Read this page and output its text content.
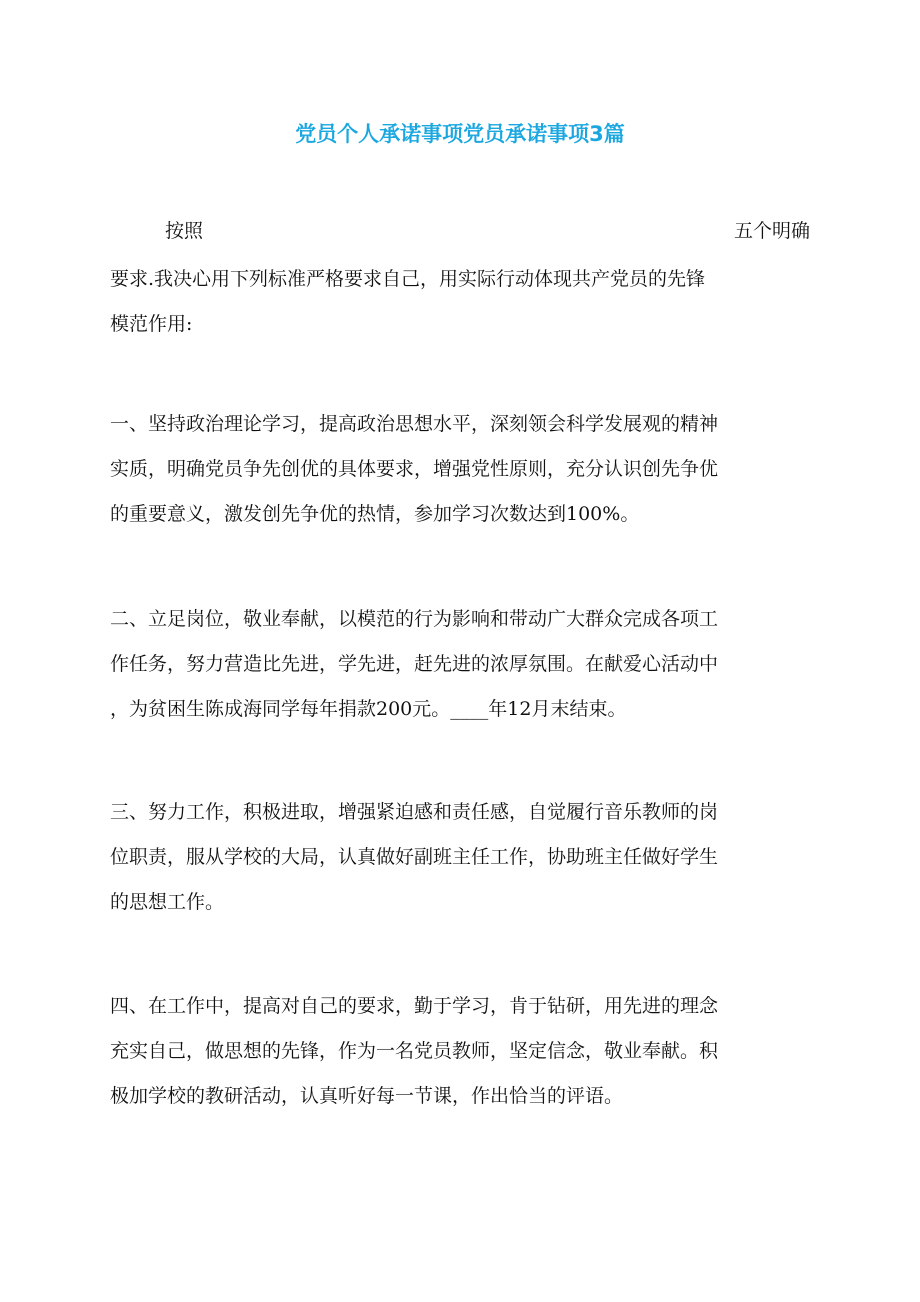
党员个人承诺事项党员承诺事项3篇
按照	五个明确
要求.我决心用下列标准严格要求自己，用实际行动体现共产党员的先锋
模范作用:
一、坚持政治理论学习，提高政治思想水平，深刻领会科学发展观的精神
实质，明确党员争先创优的具体要求，增强党性原则，充分认识创先争优
的重要意义，激发创先争优的热情，参加学习次数达到100%。
二、立足岗位，敬业奉献，以模范的行为影响和带动广大群众完成各项工
作任务，努力营造比先进，学先进，赶先进的浓厚氛围。在献爱心活动中
，为贫困生陈成海同学每年捐款200元。____年12月末结束。
三、努力工作，积极进取，增强紧迫感和责任感，自觉履行音乐教师的岗
位职责，服从学校的大局，认真做好副班主任工作，协助班主任做好学生
的思想工作。
四、在工作中，提高对自己的要求，勤于学习，肯于钻研，用先进的理念
充实自己，做思想的先锋，作为一名党员教师，坚定信念，敬业奉献。积
极加学校的教研活动，认真听好每一节课，作出恰当的评语。
